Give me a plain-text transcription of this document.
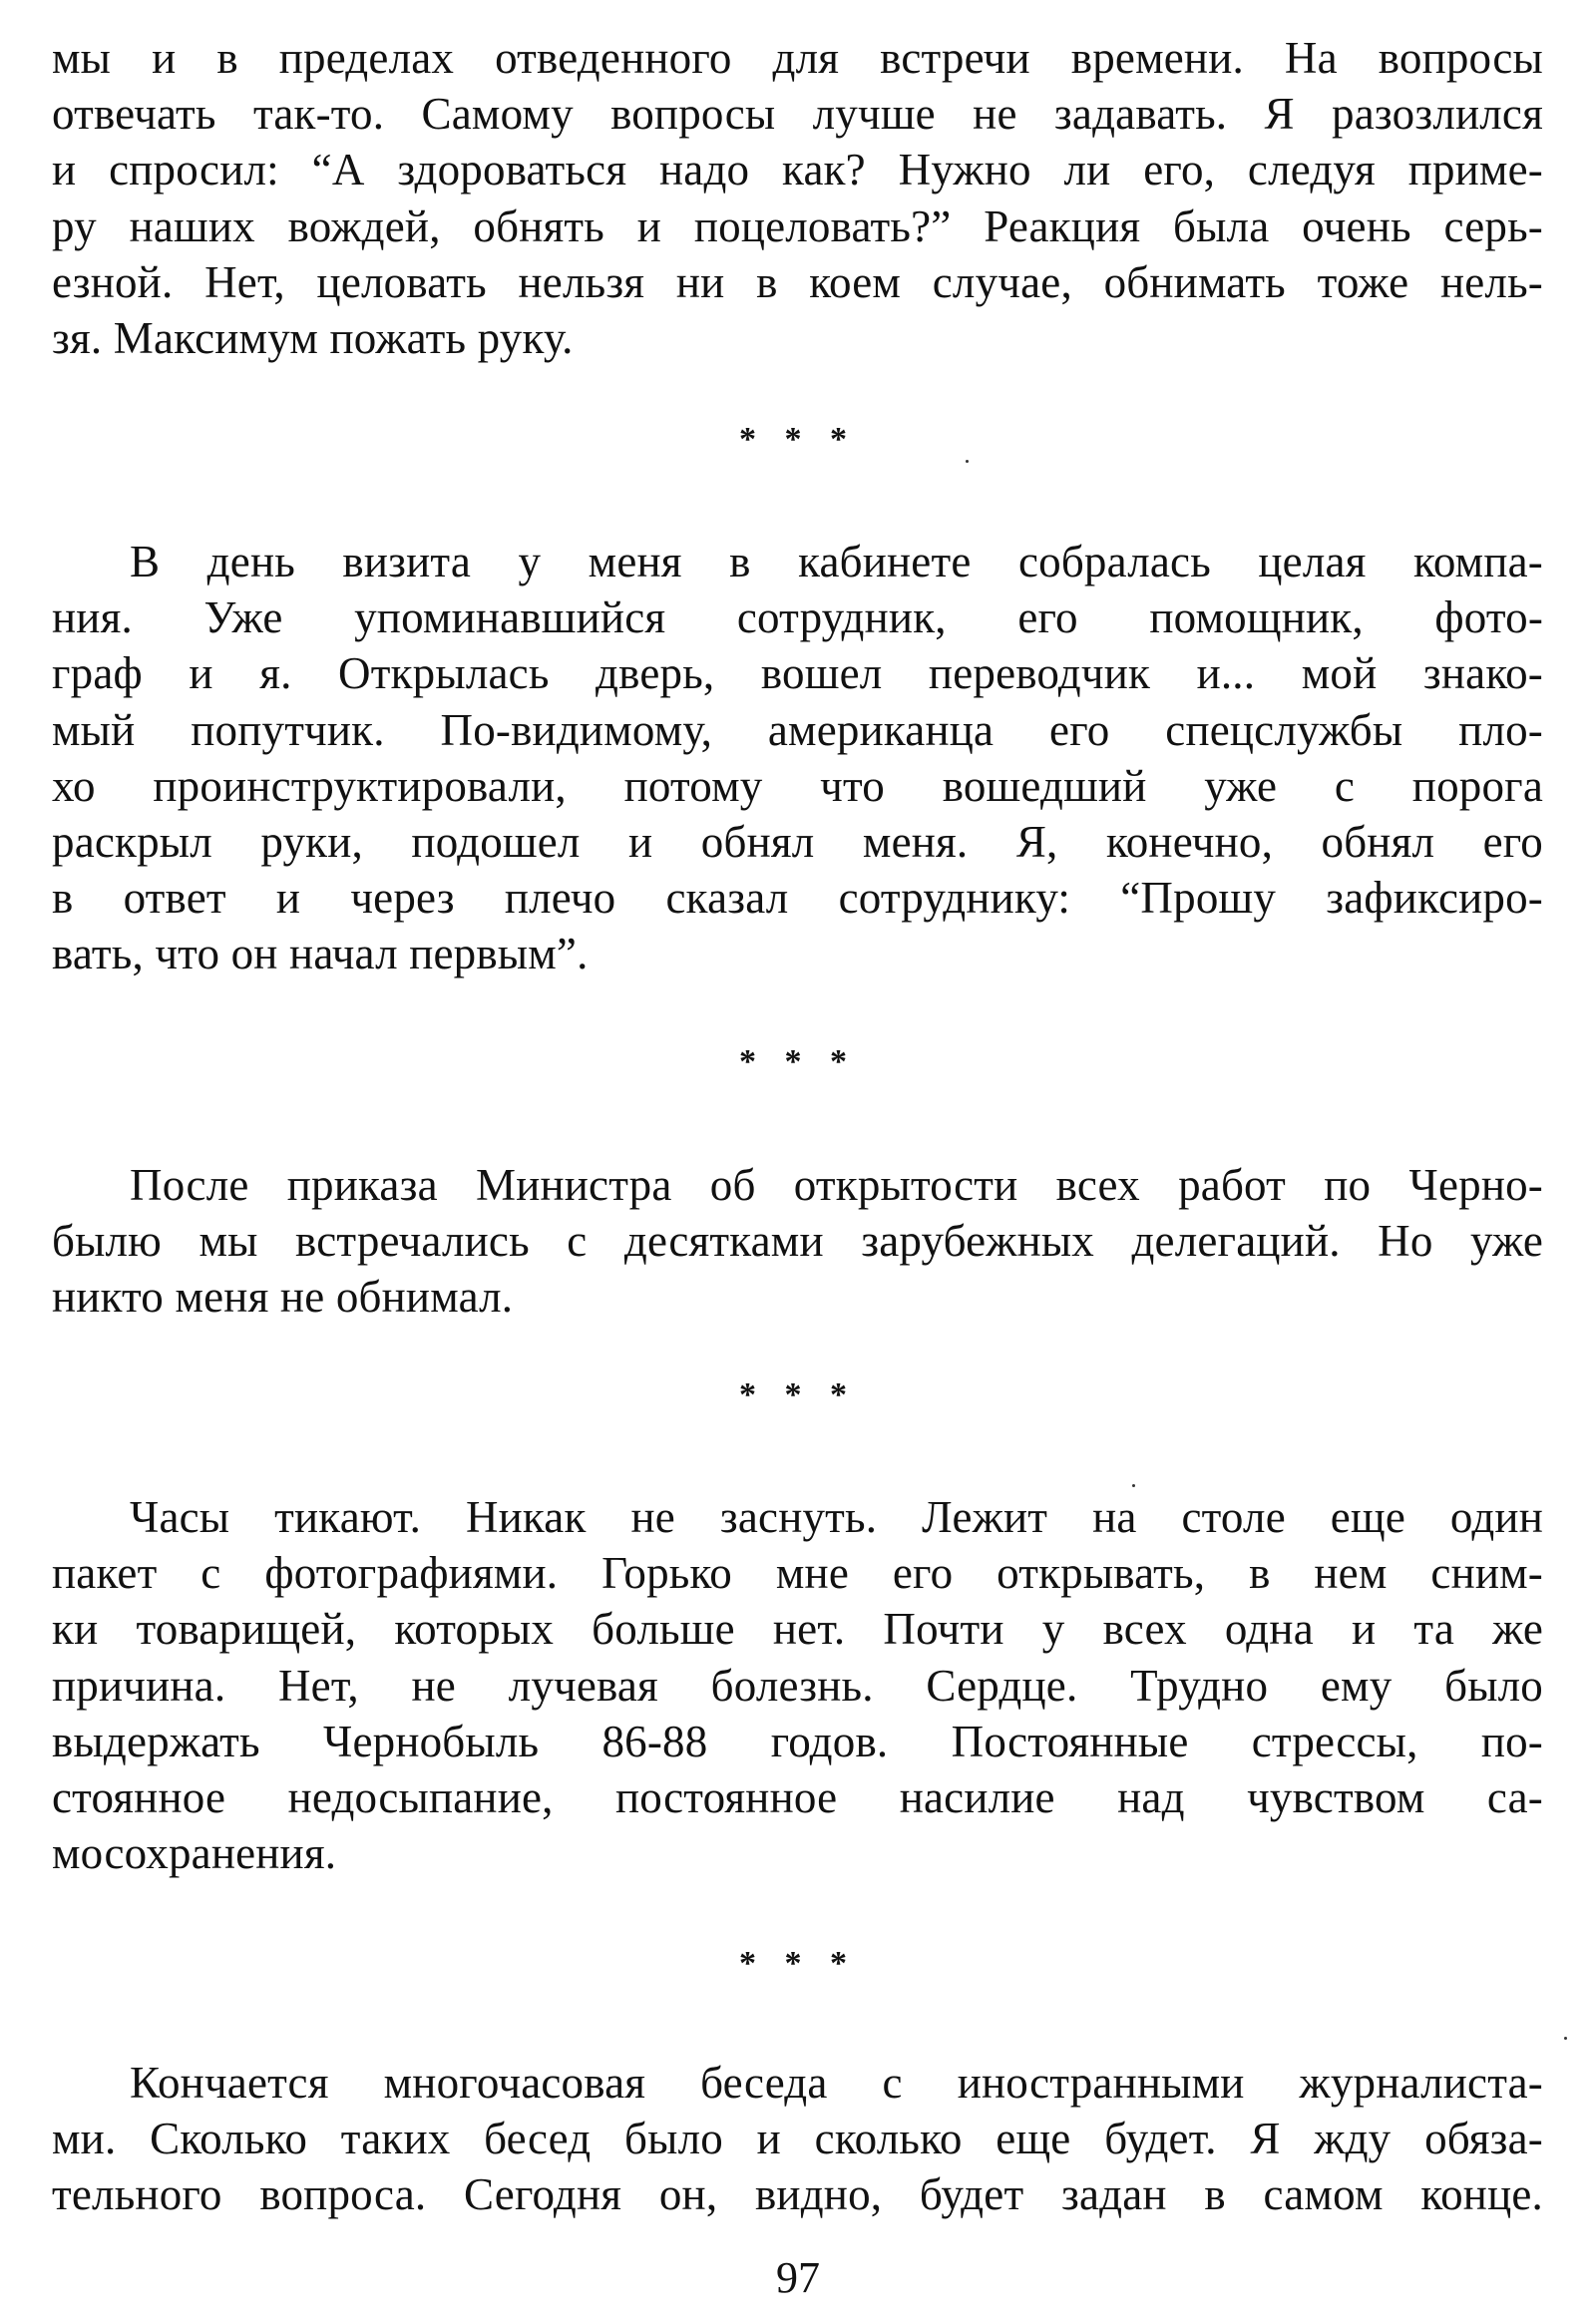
мы и в пределах отведенного для встречи времени. На вопросы
отвечать так-то. Самому вопросы лучше не задавать. Я разозлился
и спросил: “А здороваться надо как? Нужно ли его, следуя приме-
ру наших вождей, обнять и поцеловать?” Реакция была очень серь-
езной. Нет, целовать нельзя ни в коем случае, обнимать тоже нель-
зя. Максимум пожать руку.
* * *
В день визита у меня в кабинете собралась целая компа-
ния. Уже упоминавшийся сотрудник, его помощник, фото-
граф и я. Открылась дверь, вошел переводчик и... мой знако-
мый попутчик. По-видимому, американца его спецслужбы пло-
хо проинструктировали, потому что вошедший уже с порога
раскрыл руки, подошел и обнял меня. Я, конечно, обнял его
в ответ и через плечо сказал сотруднику: “Прошу зафиксиро-
вать, что он начал первым”.
* * *
После приказа Министра об открытости всех работ по Черно-
былю мы встречались с десятками зарубежных делегаций. Но уже
никто меня не обнимал.
* * *
Часы тикают. Никак не заснуть. Лежит на столе еще один
пакет с фотографиями. Горько мне его открывать, в нем сним-
ки товарищей, которых больше нет. Почти у всех одна и та же
причина. Нет, не лучевая болезнь. Сердце. Трудно ему было
выдержать Чернобыль 86-88 годов. Постоянные стрессы, по-
стоянное недосыпание, постоянное насилие над чувством са-
мосохранения.
* * *
Кончается многочасовая беседа с иностранными журналиста-
ми. Сколько таких бесед было и сколько еще будет. Я жду обяза-
тельного вопроса. Сегодня он, видно, будет задан в самом конце.
97
